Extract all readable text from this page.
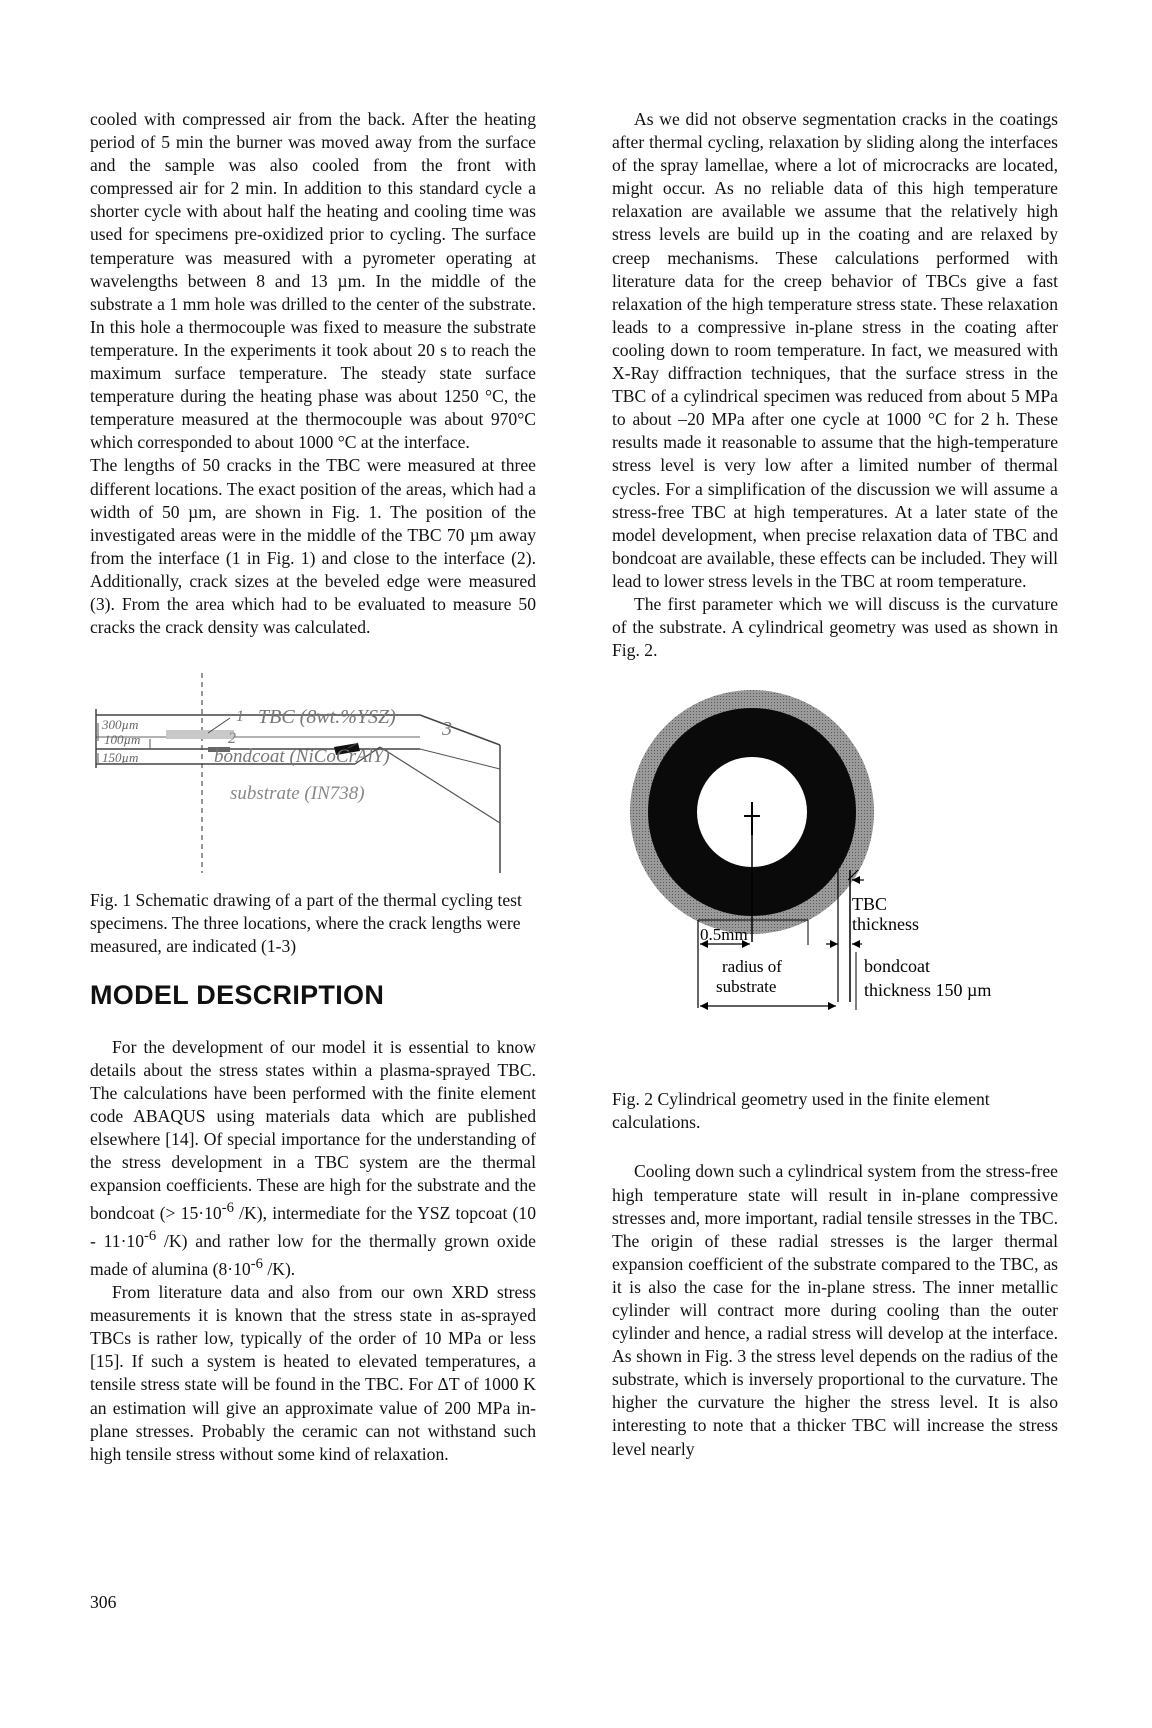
cooled with compressed air from the back. After the heating period of 5 min the burner was moved away from the surface and the sample was also cooled from the front with compressed air for 2 min. In addition to this standard cycle a shorter cycle with about half the heating and cooling time was used for specimens pre-oxidized prior to cycling. The surface temperature was measured with a pyrometer operating at wavelengths between 8 and 13 µm. In the middle of the substrate a 1 mm hole was drilled to the center of the substrate. In this hole a thermocouple was fixed to measure the substrate temperature. In the experiments it took about 20 s to reach the maximum surface temperature. The steady state surface temperature during the heating phase was about 1250 °C, the temperature measured at the thermocouple was about 970°C which corresponded to about 1000 °C at the interface.

The lengths of 50 cracks in the TBC were measured at three different locations. The exact position of the areas, which had a width of 50 µm, are shown in Fig. 1. The position of the investigated areas were in the middle of the TBC 70 µm away from the interface (1 in Fig. 1) and close to the interface (2). Additionally, crack sizes at the beveled edge were measured (3). From the area which had to be evaluated to measure 50 cracks the crack density was calculated.

300µm
100µm
150µm
1
2	3
TBC (8wt.%YSZ)
bondcoat (NiCoCrAlY)
substrate (IN738)

Fig. 1 Schematic drawing of a part of the thermal cycling test specimens. The three locations, where the crack lengths were measured, are indicated (1-3)

MODEL DESCRIPTION

For the development of our model it is essential to know details about the stress states within a plasma-sprayed TBC. The calculations have been performed with the finite element code ABAQUS using materials data which are published elsewhere [14]. Of special importance for the understanding of the stress development in a TBC system are the thermal expansion coefficients. These are high for the substrate and the bondcoat (> $15\cdot 10^{-6}$ /K), intermediate for the YSZ topcoat ($10 - 11\cdot 10^{-6}$ /K) and rather low for the thermally grown oxide made of alumina ($8\cdot 10^{-6}$ /K).

From literature data and also from our own XRD stress measurements it is known that the stress state in as-sprayed TBCs is rather low, typically of the order of 10 MPa or less [15]. If such a system is heated to elevated temperatures, a tensile stress state will be found in the TBC. For ΔT of 1000 K an estimation will give an approximate value of 200 MPa in-plane stresses. Probably the ceramic can not withstand such high tensile stress without some kind of relaxation.

As we did not observe segmentation cracks in the coatings after thermal cycling, relaxation by sliding along the interfaces of the spray lamellae, where a lot of microcracks are located, might occur. As no reliable data of this high temperature relaxation are available we assume that the relatively high stress levels are build up in the coating and are relaxed by creep mechanisms. These calculations performed with literature data for the creep behavior of TBCs give a fast relaxation of the high temperature stress state. These relaxation leads to a compressive in-plane stress in the coating after cooling down to room temperature. In fact, we measured with X-Ray diffraction techniques, that the surface stress in the TBC of a cylindrical specimen was reduced from about 5 MPa to about –20 MPa after one cycle at 1000 °C for 2 h. These results made it reasonable to assume that the high-temperature stress level is very low after a limited number of thermal cycles. For a simplification of the discussion we will assume a stress-free TBC at high temperatures. At a later state of the model development, when precise relaxation data of TBC and bondcoat are available, these effects can be included. They will lead to lower stress levels in the TBC at room temperature.

The first parameter which we will discuss is the curvature of the substrate. A cylindrical geometry was used as shown in Fig. 2.

0.5mm
radius of
substrate
TBC
thickness
bondcoat
thickness 150 µm

Fig. 2 Cylindrical geometry used in the finite element calculations.

Cooling down such a cylindrical system from the stress-free high temperature state will result in in-plane compressive stresses and, more important, radial tensile stresses in the TBC. The origin of these radial stresses is the larger thermal expansion coefficient of the substrate compared to the TBC, as it is also the case for the in-plane stress. The inner metallic cylinder will contract more during cooling than the outer cylinder and hence, a radial stress will develop at the interface. As shown in Fig. 3 the stress level depends on the radius of the substrate, which is inversely proportional to the curvature. The higher the curvature the higher the stress level. It is also interesting to note that a thicker TBC will increase the stress level nearly

306
